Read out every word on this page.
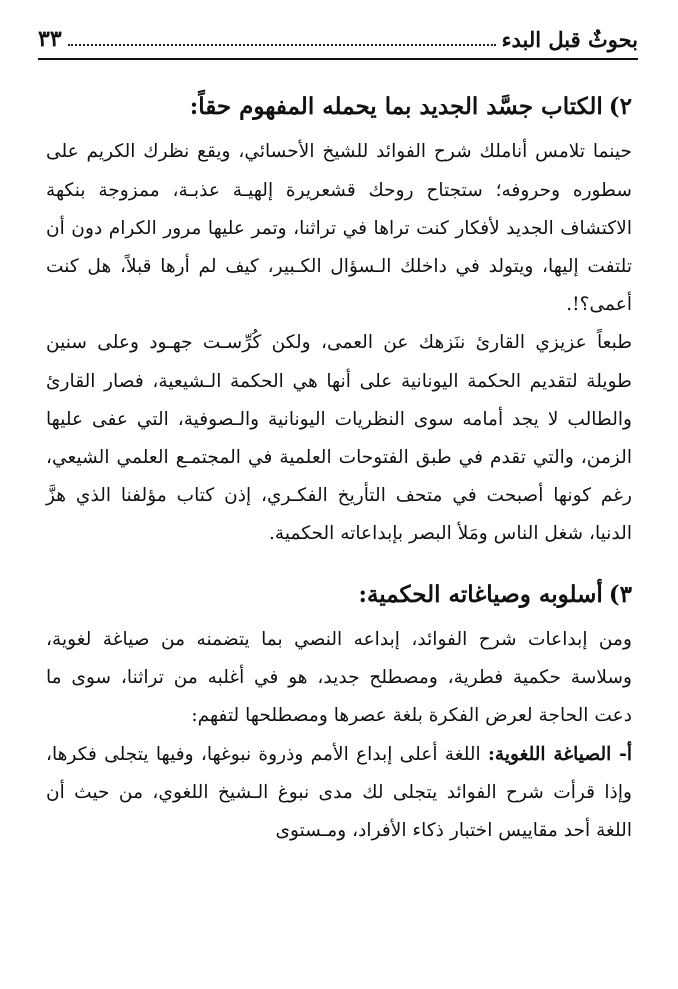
٣٣	بحوثٌ قبل البدء
٢)الكتاب جسَّد الجديد بما يحمله المفهوم حقاً:

حينما تلامس أناملك شرح الفوائد للشيخ الأحسائي، ويقع نظرك الكريم على سطوره وحروفه؛ ستجتاح روحك قشعريرة إلهيـة عذبـة، ممزوجة بنكهة الاكتشاف الجديد لأفكار كنت تراها في تراثنا، وتمر عليها مرور الكرام دون أن تلتفت إليها، ويتولد في داخلك الـسؤال الكـبير، كيف لم أرها قبلاً، هل كنت أعمى؟!.

طبعاً عزيزي القارئ ننَزهك عن العمى، ولكن كُرِّسـت جهـود وعلى سنين طويلة لتقديم الحكمة اليونانية على أنها هي الحكمة الـشيعية، فصار القارئ والطالب لا يجد أمامه سوى النظريات اليونانية والـصوفية، التي عفى عليها الزمن، والتي تقدم في طبق الفتوحات العلمية في المجتمـع العلمي الشيعي، رغم كونها أصبحت في متحف التأريخ الفكـري، إذن كتاب مؤلفنا الذي هزَّ الدنيا، شغل الناس ومَلأ البصر بإبداعاته الحكمية.

٣)أسلوبه وصياغاته الحكمية:

ومن إبداعات شرح الفوائد، إبداعه النصي بما يتضمنه من صياغة لغوية، وسلاسة حكمية فطرية، ومصطلح جديد، هو في أغلبه من تراثنا، سوى ما دعت الحاجة لعرض الفكرة بلغة عصرها ومصطلحها لتفهم:

أ- الصياغة اللغوية: اللغة أعلى إبداع الأمم وذروة نبوغها، وفيها يتجلى فكرها، وإذا قرأت شرح الفوائد يتجلى لك مدى نبوغ الـشيخ اللغوي، من حيث أن اللغة أحد مقاييس اختبار ذكاء الأفراد، ومـستوى
